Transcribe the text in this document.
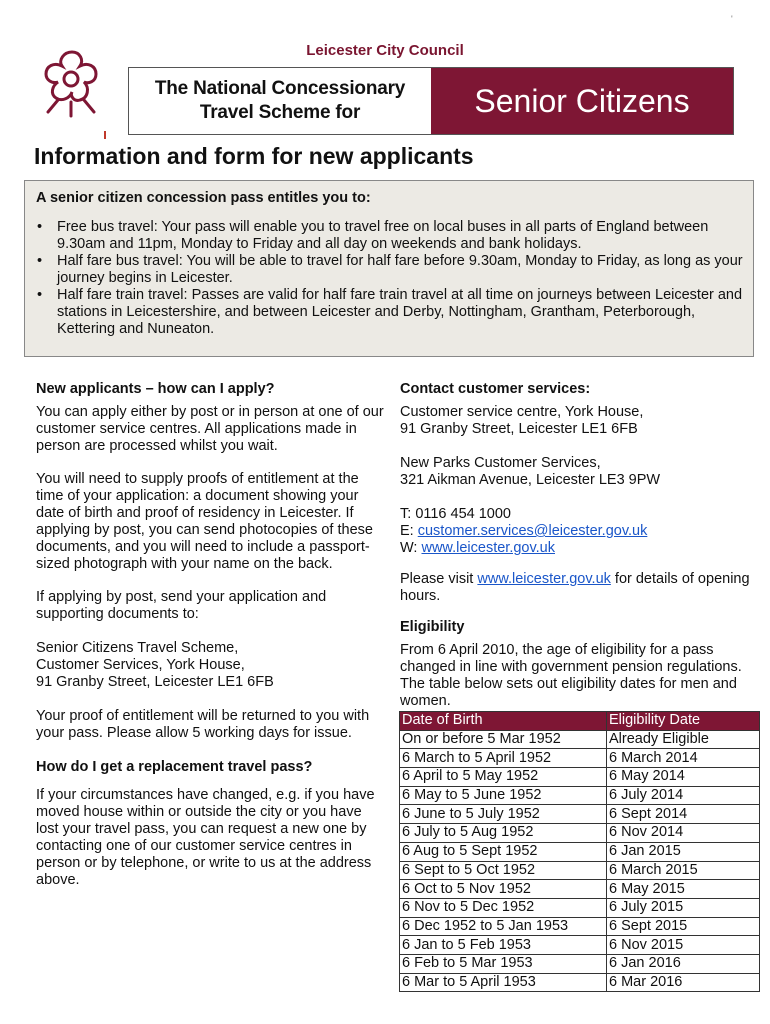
'
Leicester City Council
The National Concessionary
Travel Scheme for	Senior Citizens
Information and form for new applicants
A senior citizen concession pass entitles you to:
• Free bus travel: Your pass will enable you to travel free on local buses in all parts of England between 9.30am and 11pm, Monday to Friday and all day on weekends and bank holidays.
• Half fare bus travel: You will be able to travel for half fare before 9.30am, Monday to Friday, as long as your journey begins in Leicester.
• Half fare train travel: Passes are valid for half fare train travel at all time on journeys between Leicester and stations in Leicestershire, and between Leicester and Derby, Nottingham, Grantham, Peterborough, Kettering and Nuneaton.

New applicants – how can I apply?

You can apply either by post or in person at one of our customer service centres. All applications made in person are processed whilst you wait.

You will need to supply proofs of entitlement at the time of your application: a document showing your date of birth and proof of residency in Leicester. If applying by post, you can send photocopies of these documents, and you will need to include a passport-sized photograph with your name on the back.

If applying by post, send your application and supporting documents to:

Senior Citizens Travel Scheme,

Customer Services, York House,

91 Granby Street, Leicester LE1 6FB

Your proof of entitlement will be returned to you with your pass. Please allow 5 working days for issue.

How do I get a replacement travel pass?

If your circumstances have changed, e.g. if you have moved house within or outside the city or you have lost your travel pass, you can request a new one by contacting one of our customer service centres in person or by telephone, or write to us at the address above.

Contact customer services:

Customer service centre, York House,

91 Granby Street, Leicester LE1 6FB

New Parks Customer Services,

321 Aikman Avenue, Leicester LE3 9PW

T: 0116 454 1000

E: customer.services@leicester.gov.uk

W: www.leicester.gov.uk

Please visit www.leicester.gov.uk for details of opening hours.

Eligibility

From 6 April 2010, the age of eligibility for a pass changed in line with government pension regulations. The table below sets out eligibility dates for men and women.

Date of Birth	Eligibility Date
On or before 5 Mar 1952	Already Eligible
6 March to 5 April 1952	6 March 2014
6 April to 5 May 1952	6 May 2014
6 May to 5 June 1952	6 July 2014
6 June to 5 July 1952	6 Sept 2014
6 July to 5 Aug 1952	6 Nov 2014
6 Aug to 5 Sept 1952	6 Jan 2015
6 Sept to 5 Oct 1952	6 March 2015
6 Oct to 5 Nov 1952	6 May 2015
6 Nov to 5 Dec 1952	6 July 2015
6 Dec 1952 to 5 Jan 1953	6 Sept 2015
6 Jan to 5 Feb 1953	6 Nov 2015
6 Feb to 5 Mar 1953	6 Jan 2016
6 Mar to 5 April 1953	6 Mar 2016
